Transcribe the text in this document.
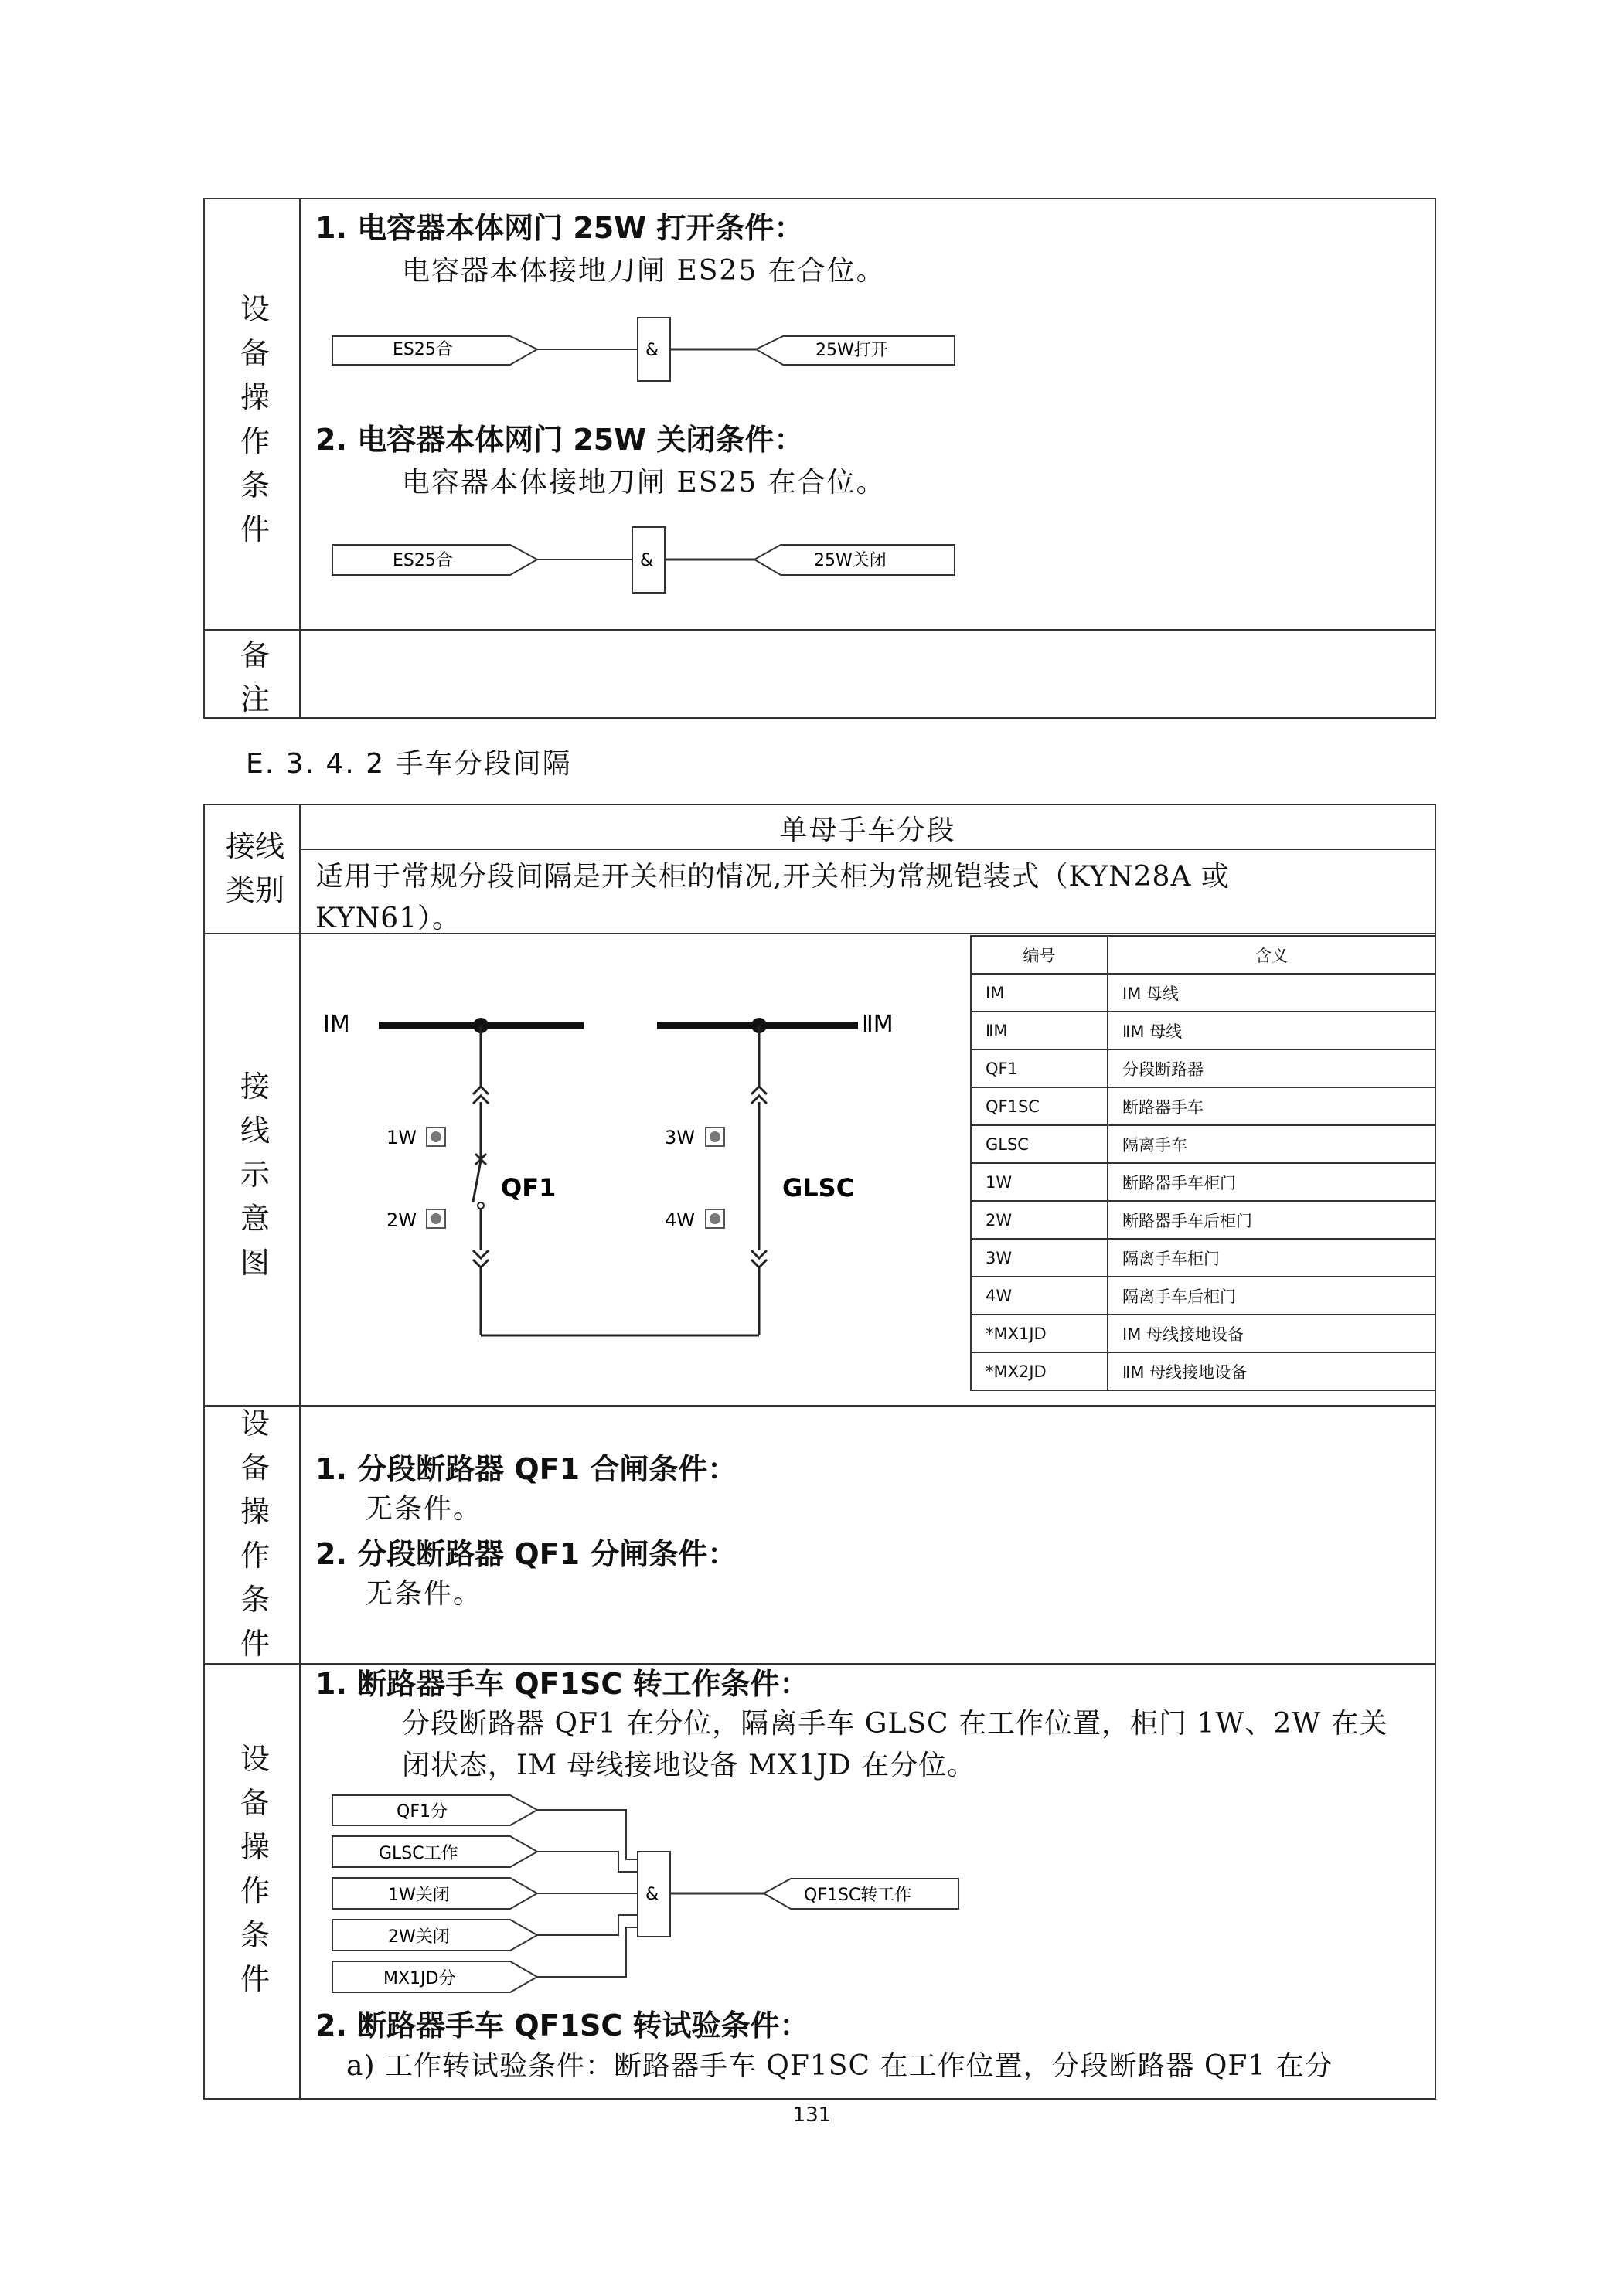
设
备
操
作
条
件
备
注
1. 电容器本体网门 25W 打开条件：
电容器本体接地刀闸 ES25 在合位。
ES25合	&	25W打开
2. 电容器本体网门 25W 关闭条件：
电容器本体接地刀闸 ES25 在合位。
ES25合	&	25W关闭
E. 3. 4. 2 手车分段间隔
接线
类别
单母手车分段
适用于常规分段间隔是开关柜的情况,开关柜为常规铠装式（KYN28A 或
KYN61）。
接
线
示
意
图
ⅠM	ⅡM
QF1
1W
2W
GLSC
3W
4W
编号	含义
ⅠM	ⅠM 母线
ⅡM	ⅡM 母线
QF1	分段断路器
QF1SC	断路器手车
GLSC	隔离手车
1W	断路器手车柜门
2W	断路器手车后柜门
3W	隔离手车柜门
4W	隔离手车后柜门
*MX1JD	ⅠM 母线接地设备
*MX2JD	ⅡM 母线接地设备
设
备
操
作
条
件
1. 分段断路器 QF1 合闸条件：
无条件。
2. 分段断路器 QF1 分闸条件：
无条件。
设
备
操
作
条
件
1. 断路器手车 QF1SC 转工作条件：
分段断路器 QF1 在分位，隔离手车 GLSC 在工作位置，柜门 1W、2W 在关
闭状态，ⅠM 母线接地设备 MX1JD 在分位。
QF1分
GLSC工作
1W关闭
2W关闭
MX1JD分
&	QF1SC转工作
2. 断路器手车 QF1SC 转试验条件：
a) 工作转试验条件：断路器手车 QF1SC 在工作位置，分段断路器 QF1 在分
131
